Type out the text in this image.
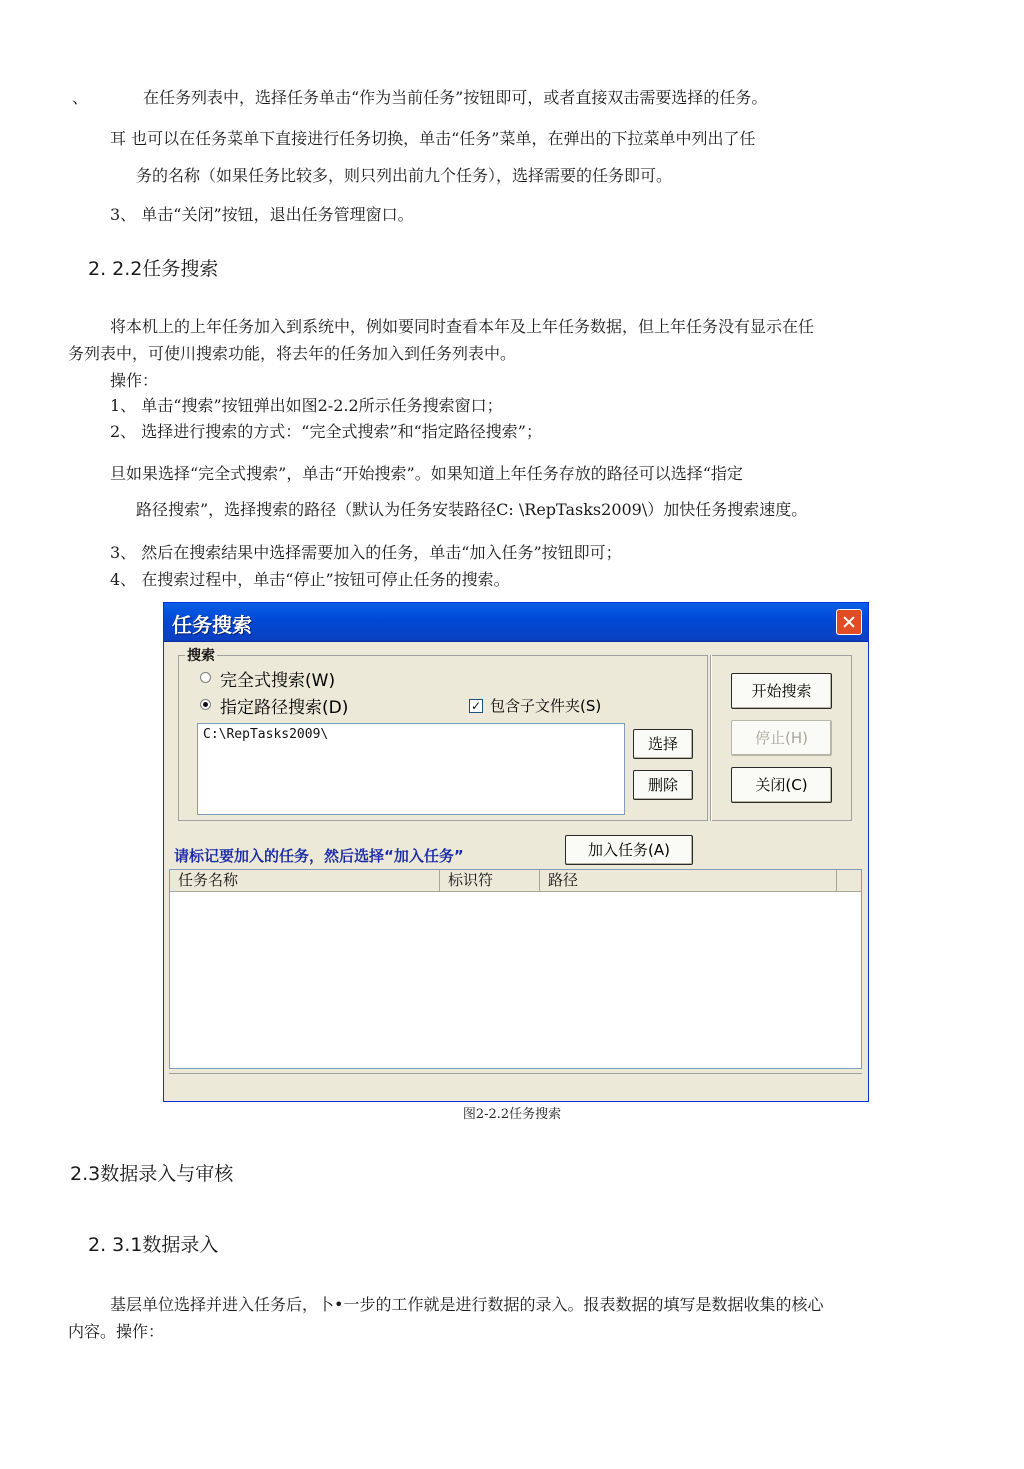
、	在任务列表中，选择任务单击“作为当前任务”按钮即可，或者直接双击需要选择的任务。
耳 也可以在任务菜单下直接进行任务切换，单击“任务”菜单，在弹出的下拉菜单中列出了任
务的名称（如果任务比较多，则只列出前九个任务），选择需要的任务即可。
3、 单击“关闭”按钮，退出任务管理窗口。
2. 2.2任务搜索
将本机上的上年任务加入到系统中，例如要同时查看本年及上年任务数据，但上年任务没有显示在任
务列表中，可使川搜索功能，将去年的任务加入到任务列表中。
操作：
1、 单击“搜索”按钮弹出如图2-2.2所示任务搜索窗口；
2、 选择进行搜索的方式：“完全式搜索”和“指定路径搜索”；
旦如果选择“完全式搜索”，单击“开始搜索”。如果知道上年任务存放的路径可以选择“指定
路径搜索”，选择搜索的路径（默认为任务安装路径C: \RepTasks2009\）加快任务搜索速度。
3、 然后在搜索结果中选择需要加入的任务，单击“加入任务”按钮即可；
4、 在搜索过程中，单击“停止”按钮可停止任务的搜索。
任务搜索
搜索
完全式搜索(W)
指定路径搜索(D)	✓ 包含子文件夹(S)
C:\RepTasks2009\
选择
删除
开始搜索
停止(H)
关闭(C)
请标记要加入的任务，然后选择“加入任务”	加入任务(A)
任务名称	标识符	路径
图2-2.2任务搜索
2.3数据录入与审核
2. 3.1数据录入
基层单位选择并进入任务后，卜•一步的工作就是进行数据的录入。报表数据的填写是数据收集的核心
内容。操作：
